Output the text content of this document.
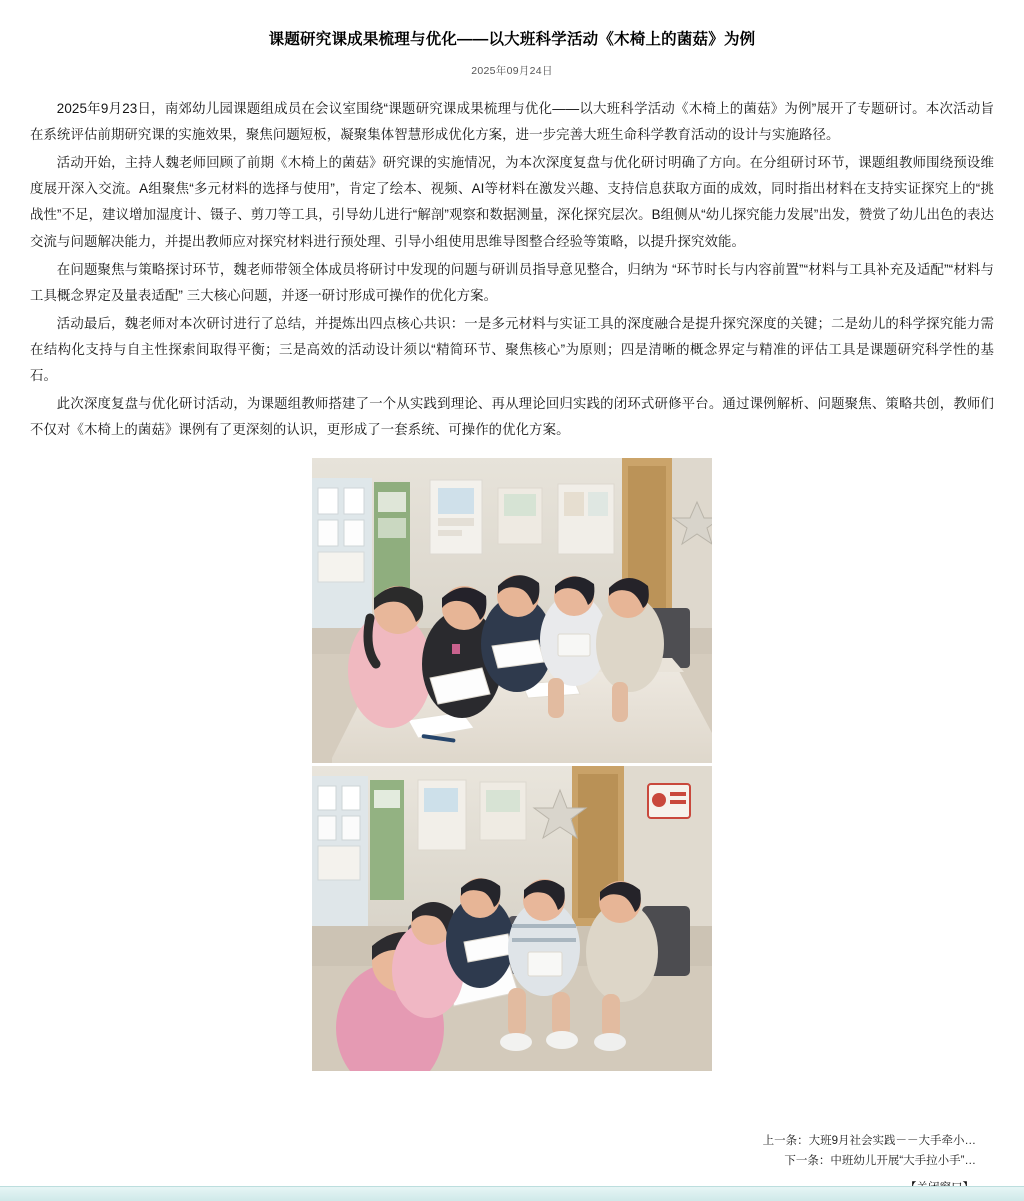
课题研究课成果梳理与优化——以大班科学活动《木椅上的菌菇》为例
2025年09月24日

2025年9月23日，南郊幼儿园课题组成员在会议室围绕“课题研究课成果梳理与优化——以大班科学活动《木椅上的菌菇》为例”展开了专题研讨。本次活动旨在系统评估前期研究课的实施效果，聚焦问题短板，凝聚集体智慧形成优化方案，进一步完善大班生命科学教育活动的设计与实施路径。

活动开始，主持人魏老师回顾了前期《木椅上的菌菇》研究课的实施情况，为本次深度复盘与优化研讨明确了方向。在分组研讨环节，课题组教师围绕预设维度展开深入交流。A组聚焦“多元材料的选择与使用”，肯定了绘本、视频、AI等材料在激发兴趣、支持信息获取方面的成效，同时指出材料在支持实证探究上的“挑战性”不足，建议增加湿度计、镊子、剪刀等工具，引导幼儿进行“解剖”观察和数据测量，深化探究层次。B组侧从“幼儿探究能力发展”出发，赞赏了幼儿出色的表达交流与问题解决能力，并提出教师应对探究材料进行预处理、引导小组使用思维导图整合经验等策略，以提升探究效能。

在问题聚焦与策略探讨环节，魏老师带领全体成员将研讨中发现的问题与研训员指导意见整合，归纳为 “环节时长与内容前置”“材料与工具补充及适配”“材料与工具概念界定及量表适配” 三大核心问题，并逐一研讨形成可操作的优化方案。

活动最后，魏老师对本次研讨进行了总结，并提炼出四点核心共识：一是多元材料与实证工具的深度融合是提升探究深度的关键；二是幼儿的科学探究能力需在结构化支持与自主性探索间取得平衡；三是高效的活动设计须以“精简环节、聚焦核心”为原则；四是清晰的概念界定与精准的评估工具是课题研究科学性的基石。

此次深度复盘与优化研讨活动，为课题组教师搭建了一个从实践到理论、再从理论回归实践的闭环式研修平台。通过课例解析、问题聚焦、策略共创，教师们不仅对《木椅上的菌菇》课例有了更深刻的认识，更形成了一套系统、可操作的优化方案。

上一条：大班9月社会实践－－大手牵小…
下一条：中班幼儿开展“大手拉小手”…
